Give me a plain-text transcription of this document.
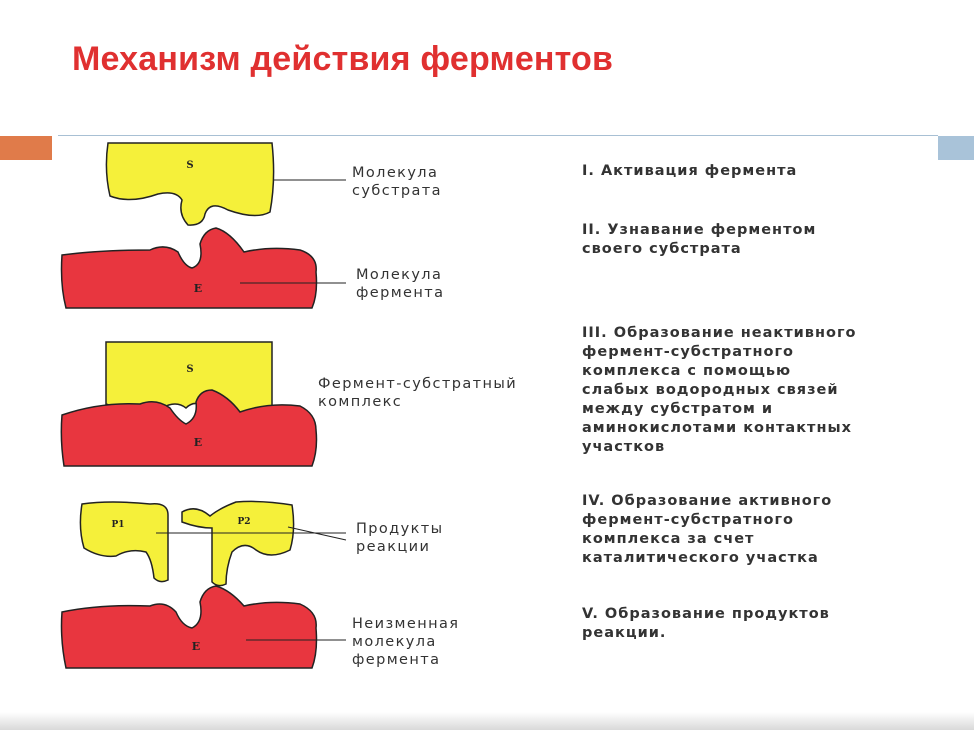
Механизм действия ферментов
S
E
S
E
P1	P2
E
Молекула
субстрата
Молекула
фермента
Фермент-субстратный
комплекс
Продукты
реакции
Неизменная
молекула
фермента
I. Активация фермента
II. Узнавание ферментом
своего субстрата
III. Образование неактивного
фермент-субстратного
комплекса с помощью
слабых водородных связей
между субстратом и
аминокислотами контактных
участков
IV. Образование активного
фермент-субстратного
комплекса за счет
каталитического участка
V. Образование продуктов
реакции.
